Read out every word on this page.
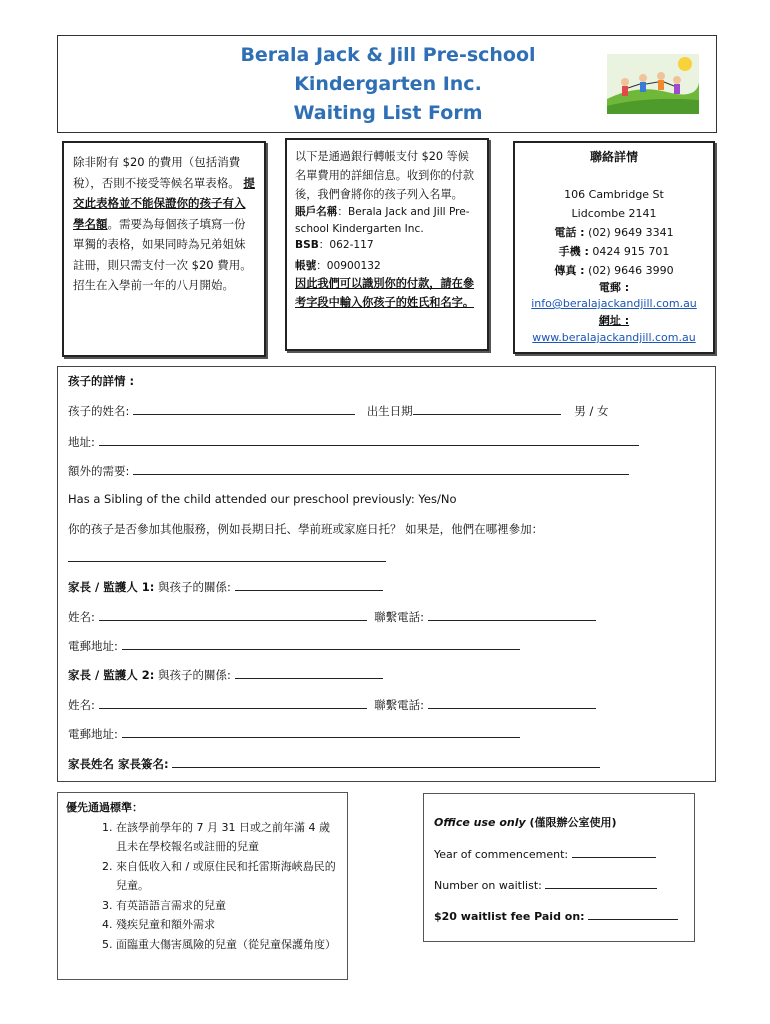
Berala Jack & Jill Pre-school
Kindergarten Inc.
Waiting List Form
除非附有 $20 的費用（包括消費稅），否則不接受等候名單表格。 提交此表格並不能保證你的孩子有入學名額。需要為每個孩子填寫一份單獨的表格，如果同時為兄弟姐妹註冊，則只需支付一次 $20 費用。招生在入學前一年的八月開始。
以下是通過銀行轉帳支付 $20 等候名單費用的詳細信息。收到你的付款後，我們會將你的孩子列入名單。
賬戶名稱：Berala Jack and Jill Pre-school Kindergarten Inc.
BSB：062-117
帳號：00900132
因此我們可以識別你的付款，請在參考字段中輸入你孩子的姓氏和名字。
聯絡詳情
106 Cambridge St Lidcombe 2141
電話 : (02) 9649 3341
手機 : 0424 915 701
傳真 : (02) 9646 3990
電郵 :
info@beralajackandjill.com.au
網址 :
www.beralajackandjill.com.au
孩子的詳情 :
孩子的姓名:	出生日期	男 / 女
地址:
額外的需要:
Has a Sibling of the child attended our preschool previously: Yes/No
你的孩子是否參加其他服務，例如長期日托、學前班或家庭日托？ 如果是，他們在哪裡參加：
家長 / 監護人 1: 與孩子的關係:
姓名:	聯繫電話:
電郵地址:
家長 / 監護人 2: 與孩子的關係:
姓名:	聯繫電話:
電郵地址:
家長姓名 家長簽名:
優先通過標準：
1. 在該學前學年的 7 月 31 日或之前年滿 4 歲且未在學校報名或註冊的兒童
2. 來自低收入和 / 或原住民和托雷斯海峽島民的兒童。
3. 有英語語言需求的兒童
4. 殘疾兒童和額外需求
5. 面臨重大傷害風險的兒童（從兒童保護角度）
Office use only (僅限辦公室使用)
Year of commencement:
Number on waitlist:
$20 waitlist fee Paid on:
